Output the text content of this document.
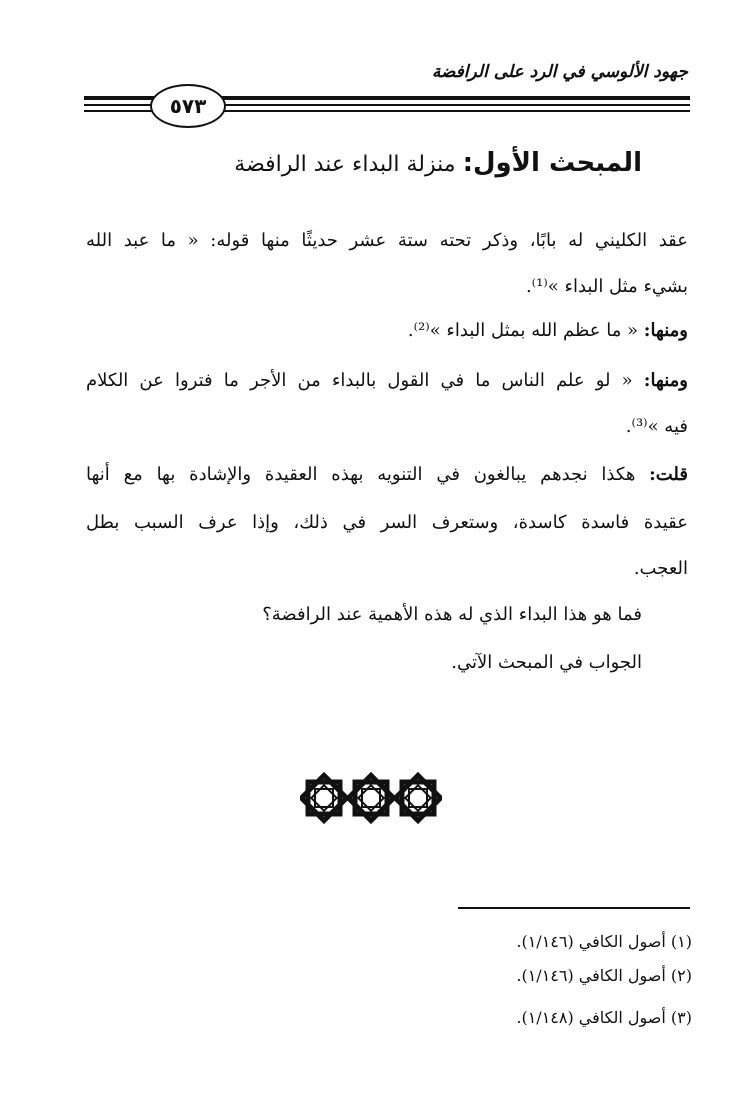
جهود الألوسي في الرد على الرافضة
٥٧٣
المبحث الأول: منزلة البداء عند الرافضة
عقد الكليني له بابًا، وذكر تحته ستة عشر حديثًا منها قوله: « ما عبد الله
بشيء مثل البداء »⁽¹⁾.
ومنها: « ما عظم الله بمثل البداء »⁽²⁾.
ومنها: « لو علم الناس ما في القول بالبداء من الأجر ما فتروا عن الكلام
فيه »⁽³⁾.
قلت: هكذا نجدهم يبالغون في التنويه بهذه العقيدة والإشادة بها مع أنها
عقيدة فاسدة كاسدة، وستعرف السر في ذلك، وإذا عرف السبب بطل
العجب.
فما هو هذا البداء الذي له هذه الأهمية عند الرافضة؟
الجواب في المبحث الآتي.
(١) أصول الكافي (١/١٤٦).
(٢) أصول الكافي (١/١٤٦).
(٣) أصول الكافي (١/١٤٨).
